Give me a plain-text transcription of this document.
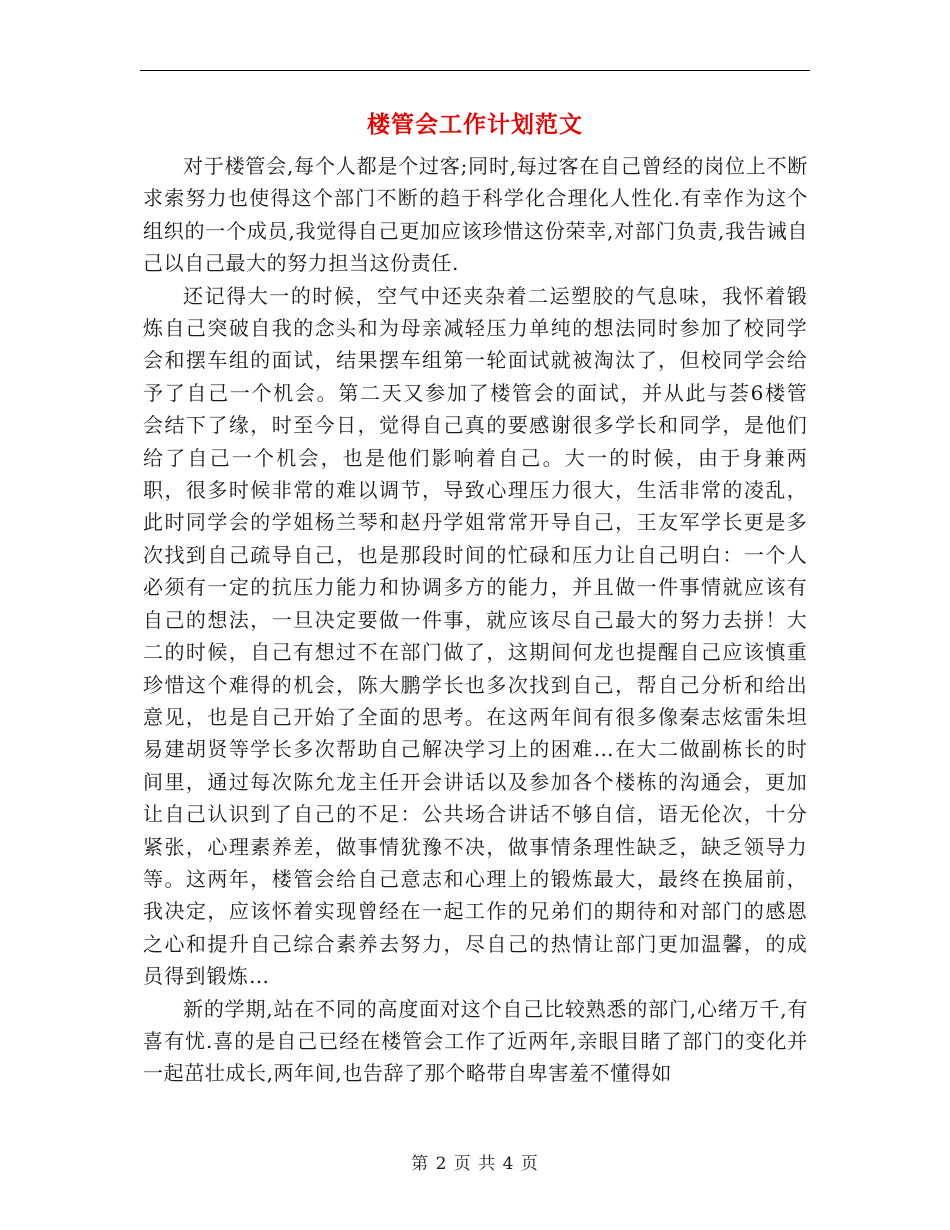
楼管会工作计划范文

对于楼管会,每个人都是个过客;同时,每过客在自己曾经的岗位上不断求索努力也使得这个部门不断的趋于科学化合理化人性化.有幸作为这个组织的一个成员,我觉得自己更加应该珍惜这份荣幸,对部门负责,我告诫自己以自己最大的努力担当这份责任.

还记得大一的时候，空气中还夹杂着二运塑胶的气息味，我怀着锻炼自己突破自我的念头和为母亲减轻压力单纯的想法同时参加了校同学会和摆车组的面试，结果摆车组第一轮面试就被淘汰了，但校同学会给予了自己一个机会。第二天又参加了楼管会的面试，并从此与荟6楼管会结下了缘，时至今日，觉得自己真的要感谢很多学长和同学，是他们给了自己一个机会，也是他们影响着自己。大一的时候，由于身兼两职，很多时候非常的难以调节，导致心理压力很大，生活非常的凌乱，此时同学会的学姐杨兰琴和赵丹学姐常常开导自己，王友军学长更是多次找到自己疏导自己，也是那段时间的忙碌和压力让自己明白：一个人必须有一定的抗压力能力和协调多方的能力，并且做一件事情就应该有自己的想法，一旦决定要做一件事，就应该尽自己最大的努力去拼！大二的时候，自己有想过不在部门做了，这期间何龙也提醒自己应该慎重珍惜这个难得的机会，陈大鹏学长也多次找到自己，帮自己分析和给出意见，也是自己开始了全面的思考。在这两年间有很多像秦志炫雷朱坦易建胡贤等学长多次帮助自己解决学习上的困难…在大二做副栋长的时间里，通过每次陈允龙主任开会讲话以及参加各个楼栋的沟通会，更加让自己认识到了自己的不足：公共场合讲话不够自信，语无伦次，十分紧张，心理素养差，做事情犹豫不决，做事情条理性缺乏，缺乏领导力等。这两年，楼管会给自己意志和心理上的锻炼最大，最终在换届前，我决定，应该怀着实现曾经在一起工作的兄弟们的期待和对部门的感恩之心和提升自己综合素养去努力，尽自己的热情让部门更加温馨，的成员得到锻炼…

新的学期,站在不同的高度面对这个自己比较熟悉的部门,心绪万千,有喜有忧.喜的是自己已经在楼管会工作了近两年,亲眼目睹了部门的变化并一起茁壮成长,两年间,也告辞了那个略带自卑害羞不懂得如

第 2 页 共 4 页
